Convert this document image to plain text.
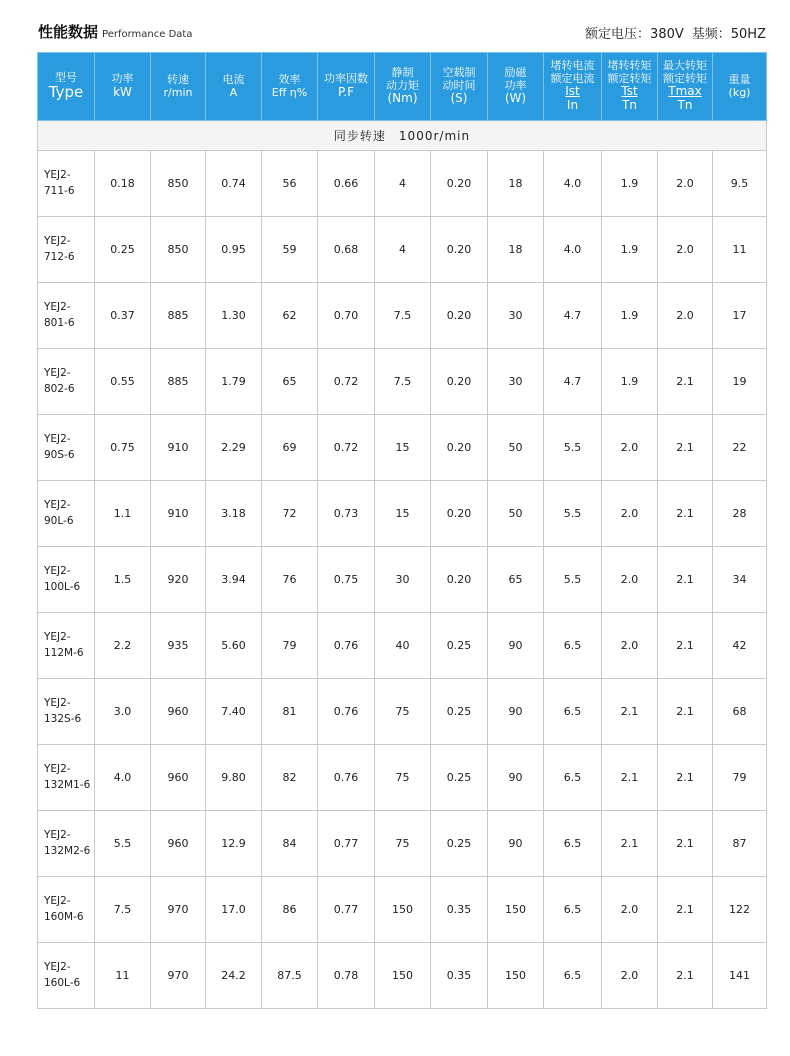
性能数据 Performance Data	额定电压：380V 基频：50HZ
型号
Type	功率
kW	转速
r/min	电流
A	效率
Eff η%	功率因数
P.F	静制
动力矩
(Nm)	空载制
动时间
(S)	励磁
功率
(W)	堵转电流
额定电流
Ist
In	堵转转矩
额定转矩
Tst
Tn	最大转矩
额定转矩
Tmax
Tn	重量
(kg)

同步转速　1000r/min												

YEJ2-
711-6	0.18	850	0.74	56	0.66	4	0.20	18	4.0	1.9	2.0	9.5

YEJ2-
712-6	0.25	850	0.95	59	0.68	4	0.20	18	4.0	1.9	2.0	11

YEJ2-
801-6	0.37	885	1.30	62	0.70	7.5	0.20	30	4.7	1.9	2.0	17

YEJ2-
802-6	0.55	885	1.79	65	0.72	7.5	0.20	30	4.7	1.9	2.1	19

YEJ2-
90S-6	0.75	910	2.29	69	0.72	15	0.20	50	5.5	2.0	2.1	22

YEJ2-
90L-6	1.1	910	3.18	72	0.73	15	0.20	50	5.5	2.0	2.1	28

YEJ2-
100L-6	1.5	920	3.94	76	0.75	30	0.20	65	5.5	2.0	2.1	34

YEJ2-
112M-6	2.2	935	5.60	79	0.76	40	0.25	90	6.5	2.0	2.1	42

YEJ2-
132S-6	3.0	960	7.40	81	0.76	75	0.25	90	6.5	2.1	2.1	68

YEJ2-
132M1-6	4.0	960	9.80	82	0.76	75	0.25	90	6.5	2.1	2.1	79

YEJ2-
132M2-6	5.5	960	12.9	84	0.77	75	0.25	90	6.5	2.1	2.1	87

YEJ2-
160M-6	7.5	970	17.0	86	0.77	150	0.35	150	6.5	2.0	2.1	122

YEJ2-
160L-6	11	970	24.2	87.5	0.78	150	0.35	150	6.5	2.0	2.1	141
